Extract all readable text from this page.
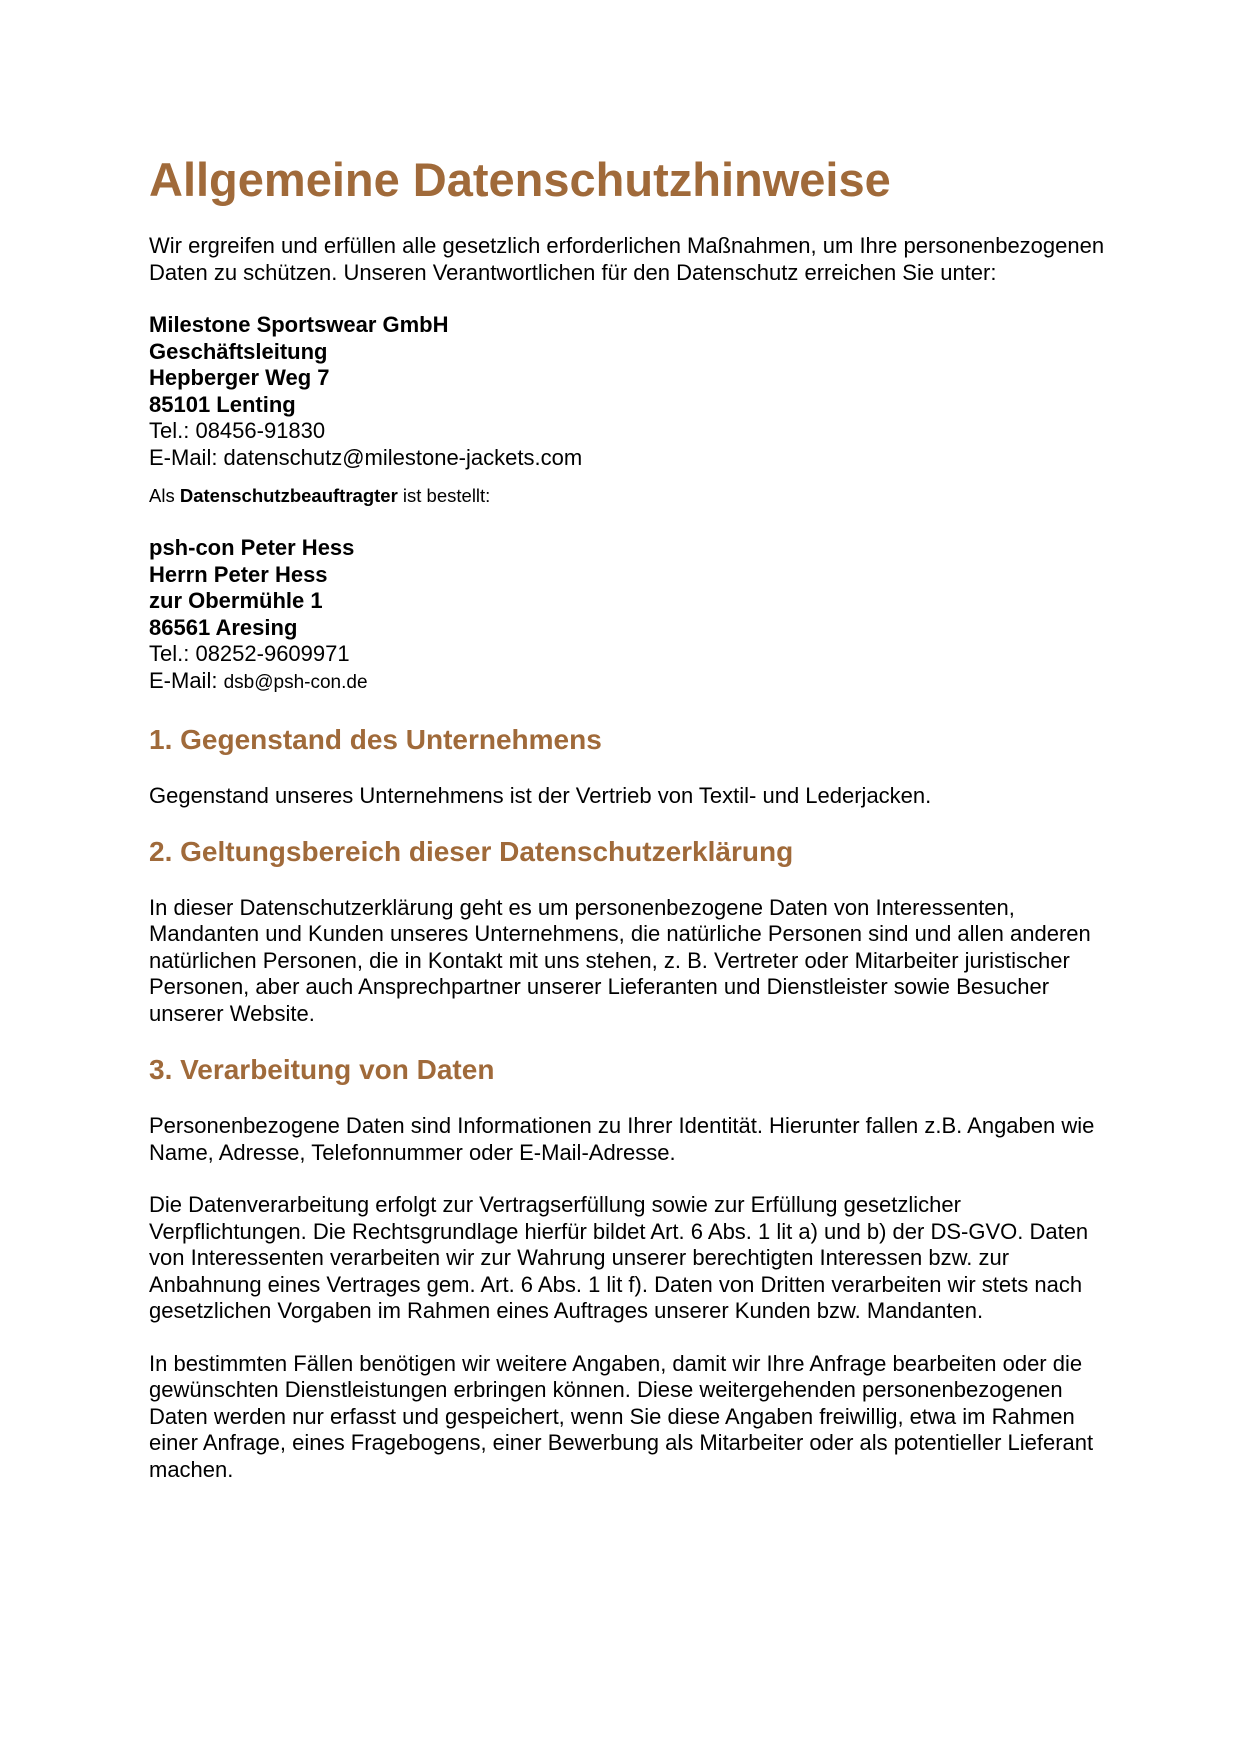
Allgemeine Datenschutzhinweise

Wir ergreifen und erfüllen alle gesetzlich erforderlichen Maßnahmen, um Ihre personenbezogenen Daten zu schützen. Unseren Verantwortlichen für den Datenschutz erreichen Sie unter:

Milestone Sportswear GmbH
Geschäftsleitung
Hepberger Weg 7
85101 Lenting
Tel.: 08456-91830
E-Mail: datenschutz@milestone-jackets.com

Als Datenschutzbeauftragter ist bestellt:

psh-con Peter Hess
Herrn Peter Hess
zur Obermühle 1
86561 Aresing
Tel.: 08252-9609971
E-Mail: dsb@psh-con.de
1. Gegenstand des Unternehmens

Gegenstand unseres Unternehmens ist der Vertrieb von Textil- und Lederjacken.

2. Geltungsbereich dieser Datenschutzerklärung

In dieser Datenschutzerklärung geht es um personenbezogene Daten von Interessenten, Mandanten und Kunden unseres Unternehmens, die natürliche Personen sind und allen anderen natürlichen Personen, die in Kontakt mit uns stehen, z. B. Vertreter oder Mitarbeiter juristischer Personen, aber auch Ansprechpartner unserer Lieferanten und Dienstleister sowie Besucher unserer Website.

3. Verarbeitung von Daten

Personenbezogene Daten sind Informationen zu Ihrer Identität. Hierunter fallen z.B. Angaben wie Name, Adresse, Telefonnummer oder E-Mail-Adresse.

Die Datenverarbeitung erfolgt zur Vertragserfüllung sowie zur Erfüllung gesetzlicher Verpflichtungen. Die Rechtsgrundlage hierfür bildet Art. 6 Abs. 1 lit a) und b) der DS-GVO. Daten von Interessenten verarbeiten wir zur Wahrung unserer berechtigten Interessen bzw. zur Anbahnung eines Vertrages gem. Art. 6 Abs. 1 lit f). Daten von Dritten verarbeiten wir stets nach gesetzlichen Vorgaben im Rahmen eines Auftrages unserer Kunden bzw. Mandanten.

In bestimmten Fällen benötigen wir weitere Angaben, damit wir Ihre Anfrage bearbeiten oder die gewünschten Dienstleistungen erbringen können. Diese weitergehenden personenbezogenen Daten werden nur erfasst und gespeichert, wenn Sie diese Angaben freiwillig, etwa im Rahmen einer Anfrage, eines Fragebogens, einer Bewerbung als Mitarbeiter oder als potentieller Lieferant machen.
